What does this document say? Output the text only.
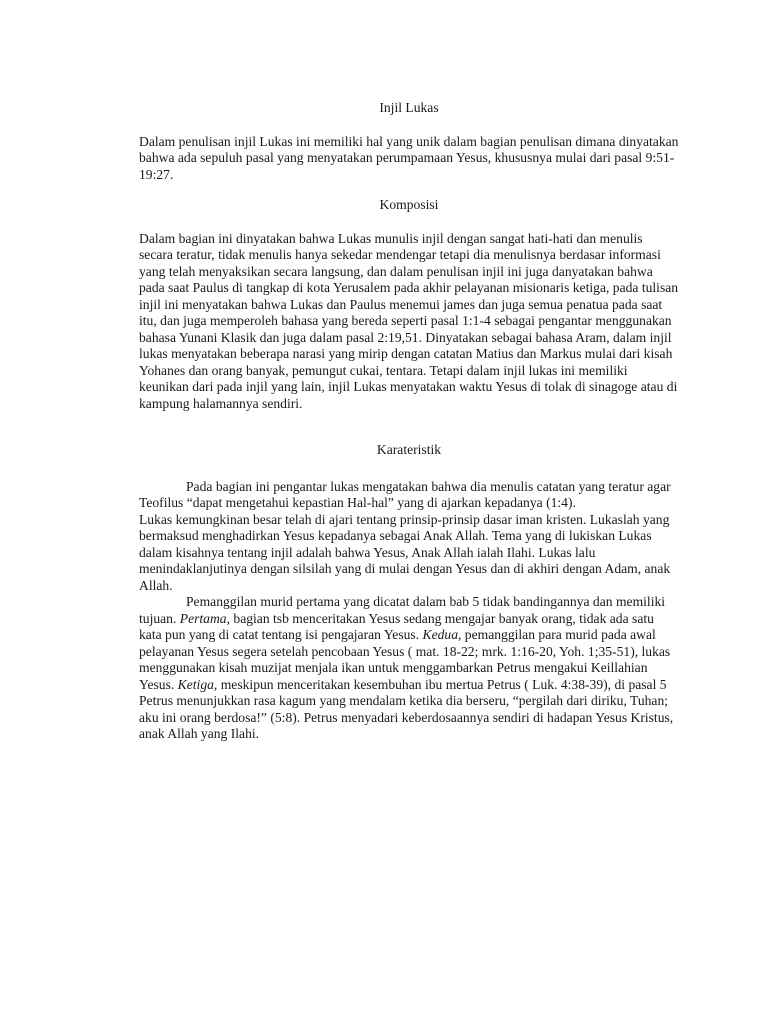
Injil Lukas

Dalam penulisan injil Lukas ini memiliki hal yang unik dalam bagian penulisan dimana dinyatakan bahwa ada sepuluh pasal yang menyatakan perumpamaan Yesus, khususnya mulai dari pasal 9:51-19:27.

Komposisi

Dalam bagian ini dinyatakan bahwa Lukas munulis injil dengan sangat hati-hati dan menulis secara teratur, tidak menulis hanya sekedar mendengar tetapi dia menulisnya berdasar informasi yang telah menyaksikan secara langsung, dan dalam penulisan injil ini juga danyatakan bahwa pada saat Paulus di tangkap di kota Yerusalem pada akhir pelayanan misionaris ketiga, pada tulisan injil ini menyatakan bahwa Lukas dan Paulus menemui james dan juga semua penatua pada saat itu, dan juga memperoleh bahasa yang bereda seperti pasal 1:1-4 sebagai pengantar menggunakan bahasa Yunani Klasik dan juga dalam pasal 2:19,51. Dinyatakan sebagai bahasa Aram, dalam injil lukas menyatakan beberapa narasi yang mirip dengan catatan Matius dan Markus mulai dari kisah Yohanes dan orang banyak, pemungut cukai, tentara. Tetapi dalam injil lukas ini memiliki keunikan dari pada injil yang lain, injil Lukas menyatakan waktu Yesus di tolak di sinagoge atau di kampung halamannya sendiri.

Karateristik

Pada bagian ini pengantar lukas mengatakan bahwa dia menulis catatan yang teratur agar Teofilus “dapat mengetahui kepastian Hal-hal” yang di ajarkan kepadanya (1:4).

Lukas kemungkinan besar telah di ajari tentang prinsip-prinsip dasar iman kristen. Lukaslah yang bermaksud menghadirkan Yesus kepadanya sebagai Anak Allah. Tema yang di lukiskan Lukas dalam kisahnya tentang injil adalah bahwa Yesus, Anak Allah ialah Ilahi. Lukas lalu menindaklanjutinya dengan silsilah yang di mulai dengan Yesus dan di akhiri dengan Adam, anak Allah.

Pemanggilan murid pertama yang dicatat dalam bab 5 tidak bandingannya dan memiliki tujuan. Pertama, bagian tsb menceritakan Yesus sedang mengajar banyak orang, tidak ada satu kata pun yang di catat tentang isi pengajaran Yesus. Kedua, pemanggilan para murid pada awal pelayanan Yesus segera setelah pencobaan Yesus ( mat. 18-22; mrk. 1:16-20, Yoh. 1;35-51), lukas menggunakan kisah muzijat menjala ikan untuk menggambarkan Petrus mengakui Keillahian Yesus. Ketiga, meskipun menceritakan kesembuhan ibu mertua Petrus ( Luk. 4:38-39), di pasal 5 Petrus menunjukkan rasa kagum yang mendalam ketika dia berseru, “pergilah dari diriku, Tuhan; aku ini orang berdosa!” (5:8). Petrus menyadari keberdosaannya sendiri di hadapan Yesus Kristus, anak Allah yang Ilahi.
